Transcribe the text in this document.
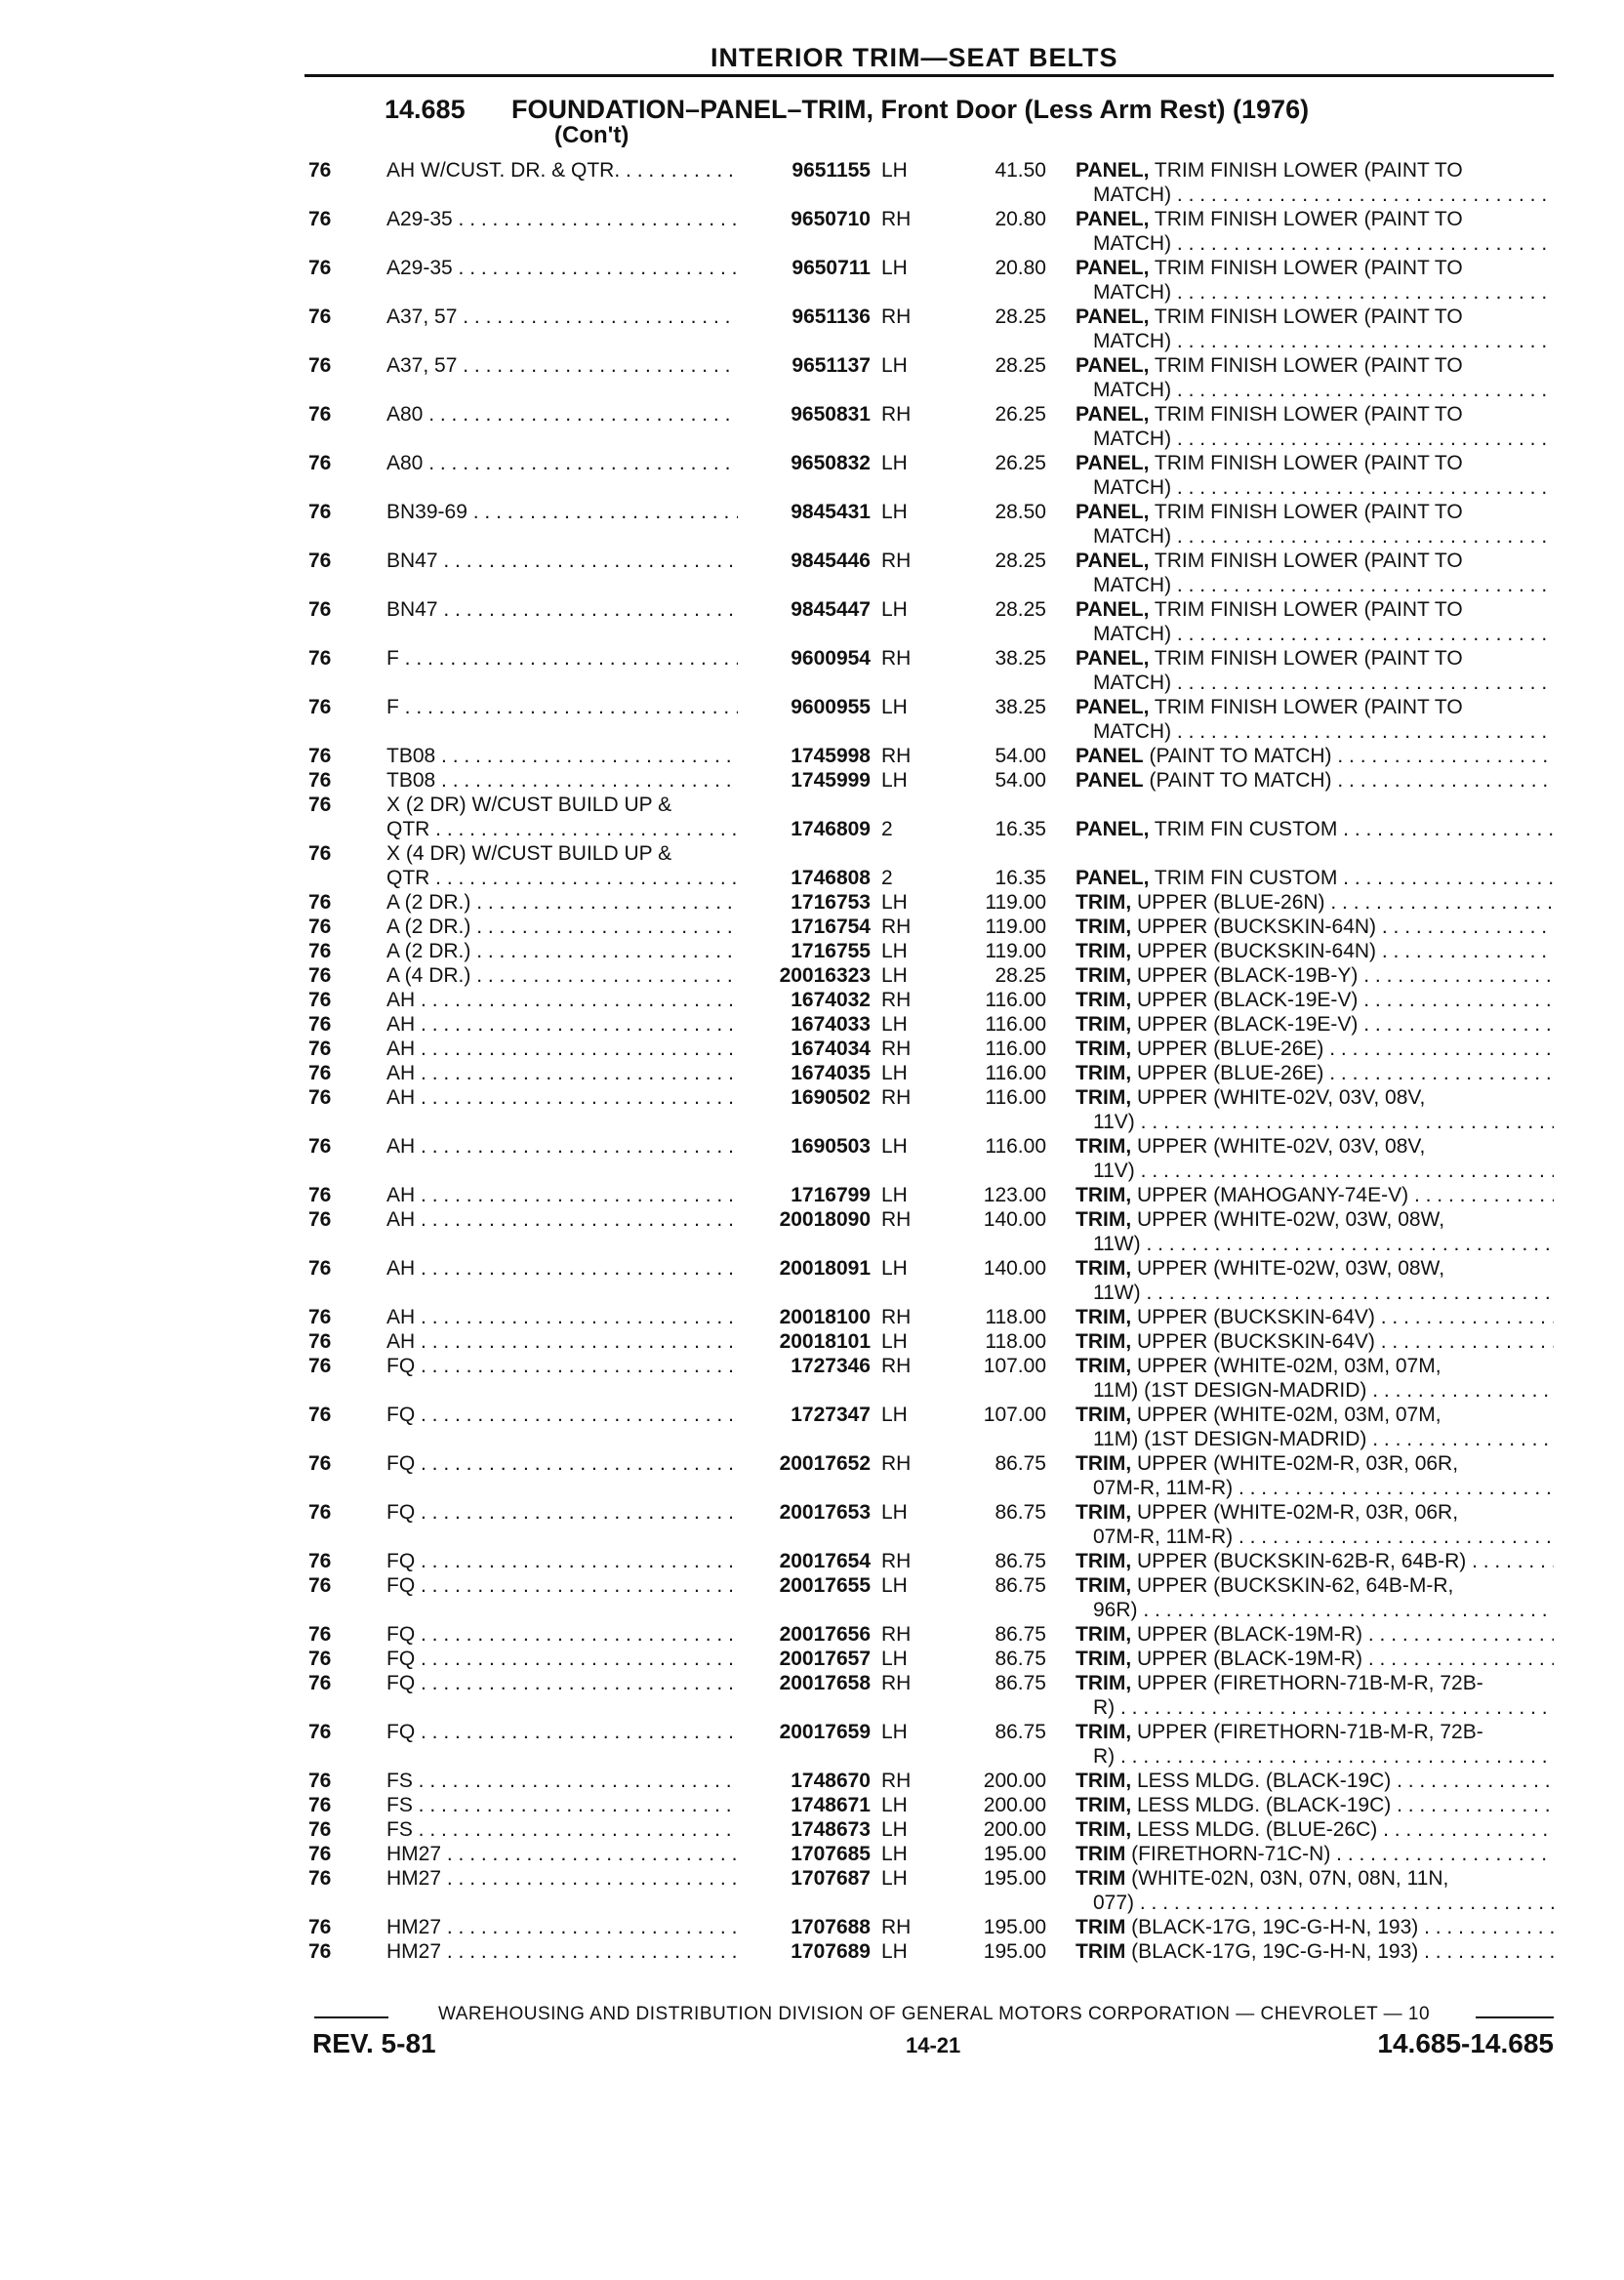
INTERIOR TRIM—SEAT BELTS
14.685 FOUNDATION–PANEL–TRIM, Front Door (Less Arm Rest) (1976)
(Con't)
76	AH W/CUST. DR. & QTR. . . .	9651155 LH	41.50 PANEL, TRIM FINISH LOWER (PAINT TO
MATCH) . . .
76	A29-35 . . .	9650710 RH	20.80 PANEL, TRIM FINISH LOWER (PAINT TO
MATCH) . . .
76	A29-35 . . .	9650711 LH	20.80 PANEL, TRIM FINISH LOWER (PAINT TO
MATCH) . . .
76	A37, 57 . . .	9651136 RH	28.25 PANEL, TRIM FINISH LOWER (PAINT TO
MATCH) . . .
76	A37, 57 . . .	9651137 LH	28.25 PANEL, TRIM FINISH LOWER (PAINT TO
MATCH) . . .
76	A80 . . .	9650831 RH	26.25 PANEL, TRIM FINISH LOWER (PAINT TO
MATCH) . . .
76	A80 . . .	9650832 LH	26.25 PANEL, TRIM FINISH LOWER (PAINT TO
MATCH) . . .
76	BN39-69 . . .	9845431 LH	28.50 PANEL, TRIM FINISH LOWER (PAINT TO
MATCH) . . .
76	BN47 . . .	9845446 RH	28.25 PANEL, TRIM FINISH LOWER (PAINT TO
MATCH) . . .
76	BN47 . . .	9845447 LH	28.25 PANEL, TRIM FINISH LOWER (PAINT TO
MATCH) . . .
76	F . . .	9600954 RH	38.25 PANEL, TRIM FINISH LOWER (PAINT TO
MATCH) . . .
76	F . . .	9600955 LH	38.25 PANEL, TRIM FINISH LOWER (PAINT TO
MATCH) . . .
76	TB08 . . .	1745998 RH	54.00 PANEL (PAINT TO MATCH) . . .
76	TB08 . . .	1745999 LH	54.00 PANEL (PAINT TO MATCH) . . .
76	X (2 DR) W/CUST BUILD UP &
QTR . . .	1746809 2	16.35 PANEL, TRIM FIN CUSTOM . . .
76	X (4 DR) W/CUST BUILD UP &
QTR . . .	1746808 2	16.35 PANEL, TRIM FIN CUSTOM . . .
76	A (2 DR.) . . .	1716753 LH	119.00 TRIM, UPPER (BLUE-26N) . . .
76	A (2 DR.) . . .	1716754 RH	119.00 TRIM, UPPER (BUCKSKIN-64N) . . .
76	A (2 DR.) . . .	1716755 LH	119.00 TRIM, UPPER (BUCKSKIN-64N) . . .
76	A (4 DR.) . . .	20016323 LH	28.25 TRIM, UPPER (BLACK-19B-Y) . . .
76	AH . . .	1674032 RH	116.00 TRIM, UPPER (BLACK-19E-V) . . .
76	AH . . .	1674033 LH	116.00 TRIM, UPPER (BLACK-19E-V) . . .
76	AH . . .	1674034 RH	116.00 TRIM, UPPER (BLUE-26E) . . .
76	AH . . .	1674035 LH	116.00 TRIM, UPPER (BLUE-26E) . . .
76	AH . . .	1690502 RH	116.00 TRIM, UPPER (WHITE-02V, 03V, 08V,
11V) . . .
76	AH . . .	1690503 LH	116.00 TRIM, UPPER (WHITE-02V, 03V, 08V,
11V) . . .
76	AH . . .	1716799 LH	123.00 TRIM, UPPER (MAHOGANY-74E-V) . . .
76	AH . . .	20018090 RH	140.00 TRIM, UPPER (WHITE-02W, 03W, 08W,
11W) . . .
76	AH . . .	20018091 LH	140.00 TRIM, UPPER (WHITE-02W, 03W, 08W,
11W) . . .
76	AH . . .	20018100 RH	118.00 TRIM, UPPER (BUCKSKIN-64V) . . .
76	AH . . .	20018101 LH	118.00 TRIM, UPPER (BUCKSKIN-64V) . . .
76	FQ . . .	1727346 RH	107.00 TRIM, UPPER (WHITE-02M, 03M, 07M,
11M) (1ST DESIGN-MADRID) . . .
76	FQ . . .	1727347 LH	107.00 TRIM, UPPER (WHITE-02M, 03M, 07M,
11M) (1ST DESIGN-MADRID) . . .
76	FQ . . .	20017652 RH	86.75 TRIM, UPPER (WHITE-02M-R, 03R, 06R,
07M-R, 11M-R) . . .
76	FQ . . .	20017653 LH	86.75 TRIM, UPPER (WHITE-02M-R, 03R, 06R,
07M-R, 11M-R) . . .
76	FQ . . .	20017654 RH	86.75 TRIM, UPPER (BUCKSKIN-62B-R, 64B-R) . . .
76	FQ . . .	20017655 LH	86.75 TRIM, UPPER (BUCKSKIN-62, 64B-M-R,
96R) . . .
76	FQ . . .	20017656 RH	86.75 TRIM, UPPER (BLACK-19M-R) . . .
76	FQ . . .	20017657 LH	86.75 TRIM, UPPER (BLACK-19M-R) . . .
76	FQ . . .	20017658 RH	86.75 TRIM, UPPER (FIRETHORN-71B-M-R, 72B-
R) . . .
76	FQ . . .	20017659 LH	86.75 TRIM, UPPER (FIRETHORN-71B-M-R, 72B-
R) . . .
76	FS . . .	1748670 RH	200.00 TRIM, LESS MLDG. (BLACK-19C) . . .
76	FS . . .	1748671 LH	200.00 TRIM, LESS MLDG. (BLACK-19C) . . .
76	FS . . .	1748673 LH	200.00 TRIM, LESS MLDG. (BLUE-26C) . . .
76	HM27 . . .	1707685 LH	195.00 TRIM (FIRETHORN-71C-N) . . .
76	HM27 . . .	1707687 LH	195.00 TRIM (WHITE-02N, 03N, 07N, 08N, 11N,
077) . . .
76	HM27 . . .	1707688 RH	195.00 TRIM (BLACK-17G, 19C-G-H-N, 193) . . .
76	HM27 . . .	1707689 LH	195.00 TRIM (BLACK-17G, 19C-G-H-N, 193) . . .
WAREHOUSING AND DISTRIBUTION DIVISION OF GENERAL MOTORS CORPORATION — CHEVROLET — 10
REV. 5-81	14-21	14.685-14.685
